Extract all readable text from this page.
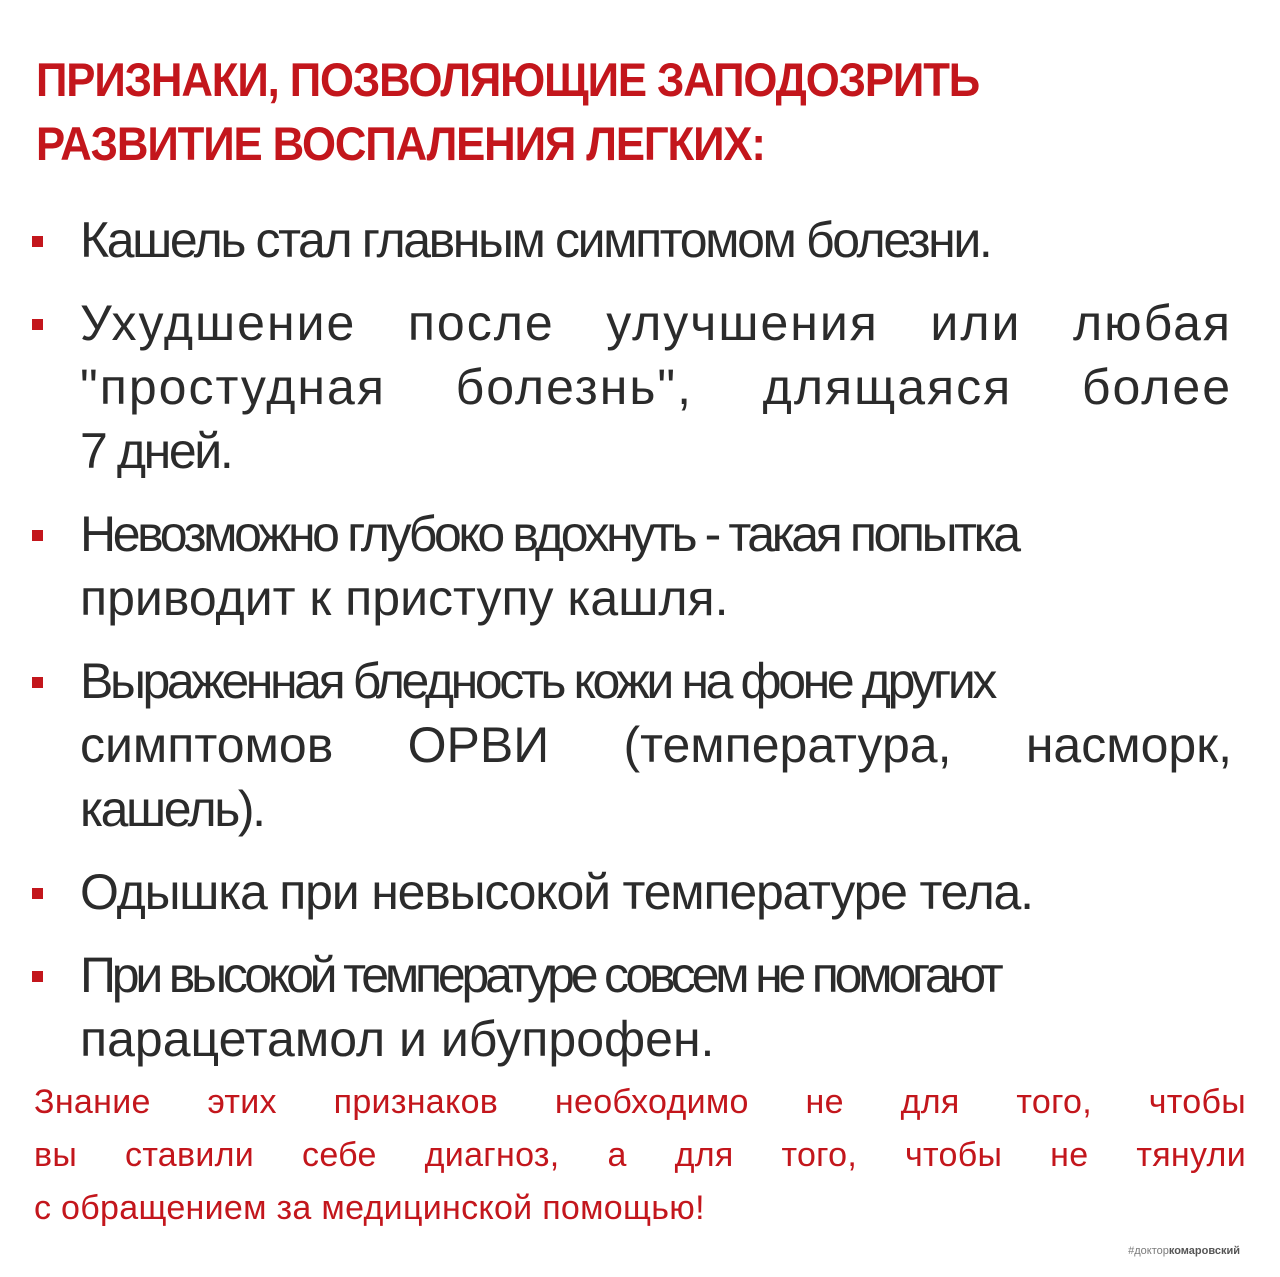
ПРИЗНАКИ, ПОЗВОЛЯЮЩИЕ ЗАПОДОЗРИТЬ
РАЗВИТИЕ ВОСПАЛЕНИЯ ЛЕГКИХ:
Кашель стал главным симптомом болезни.
Ухудшение после улучшения или любая
"простудная болезнь", длящаяся более
7 дней.
Невозможно глубоко вдохнуть - такая попытка
приводит к приступу кашля.
Выраженная бледность кожи на фоне других
симптомов ОРВИ (температура, насморк,
кашель).
Одышка при невысокой температуре тела.
При высокой температуре совсем не помогают
парацетамол и ибупрофен.

Знание этих признаков необходимо не для того, чтобы
вы ставили себе диагноз, а для того, чтобы не тянули
с обращением за медицинской помощью!

#докторкомаровский
